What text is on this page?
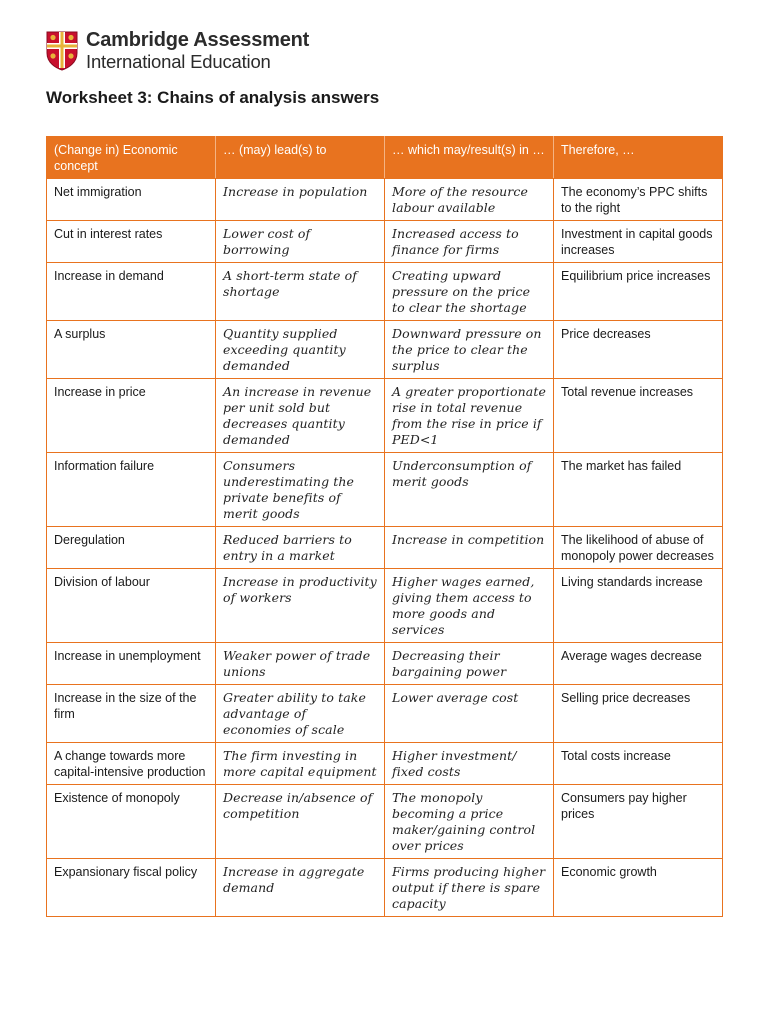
Cambridge Assessment
International Education
Worksheet 3: Chains of analysis answers
(Change in) Economic concept	… (may) lead(s) to	… which may/result(s) in …	Therefore, …
Net immigration	Increase in population	More of the resource labour available	The economy’s PPC shifts to the right
Cut in interest rates	Lower cost of borrowing	Increased access to finance for firms	Investment in capital goods increases
Increase in demand	A short-term state of shortage	Creating upward pressure on the price to clear the shortage	Equilibrium price increases
A surplus	Quantity supplied exceeding quantity demanded	Downward pressure on the price to clear the surplus	Price decreases
Increase in price	An increase in revenue per unit sold but decreases quantity demanded	A greater proportionate rise in total revenue from the rise in price if PED<1	Total revenue increases
Information failure	Consumers underestimating the private benefits of merit goods	Underconsumption of merit goods	The market has failed
Deregulation	Reduced barriers to entry in a market	Increase in competition	The likelihood of abuse of monopoly power decreases
Division of labour	Increase in productivity of workers	Higher wages earned, giving them access to more goods and services	Living standards increase
Increase in unemployment	Weaker power of trade unions	Decreasing their bargaining power	Average wages decrease
Increase in the size of the firm	Greater ability to take advantage of economies of scale	Lower average cost	Selling price decreases
A change towards more capital-intensive production	The firm investing in more capital equipment	Higher investment/ fixed costs	Total costs increase
Existence of monopoly	Decrease in/absence of competition	The monopoly becoming a price maker/gaining control over prices	Consumers pay higher prices
Expansionary fiscal policy	Increase in aggregate demand	Firms producing higher output if there is spare capacity	Economic growth
